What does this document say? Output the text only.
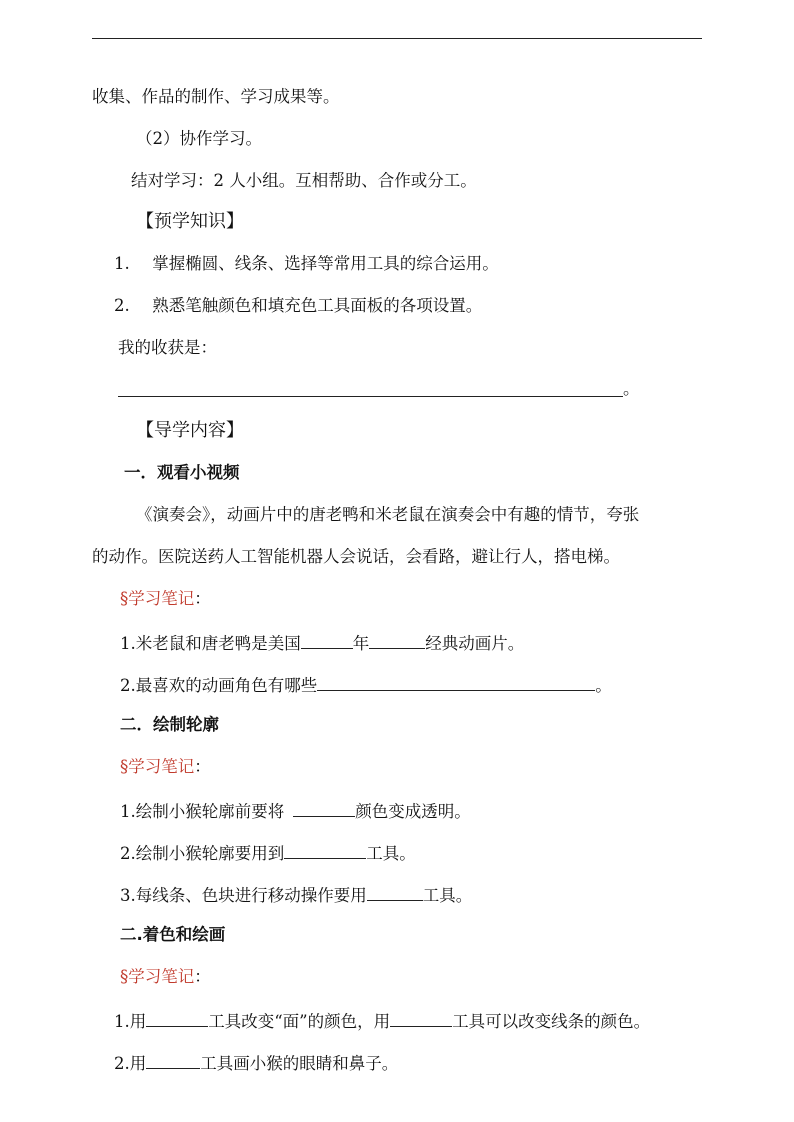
收集、作品的制作、学习成果等。
（2）协作学习。
结对学习：2 人小组。互相帮助、合作或分工。
【预学知识】
1. 掌握椭圆、线条、选择等常用工具的综合运用。
2. 熟悉笔触颜色和填充色工具面板的各项设置。
我的收获是：
。
【导学内容】
一．观看小视频
《演奏会》，动画片中的唐老鸭和米老鼠在演奏会中有趣的情节，夸张
的动作。医院送药人工智能机器人会说话，会看路，避让行人，搭电梯。
§学习笔记：
1.米老鼠和唐老鸭是美国	年	经典动画片。
2.最喜欢的动画角色有哪些	。
二．绘制轮廓
§学习笔记：
1.绘制小猴轮廓前要将	颜色变成透明。
2.绘制小猴轮廓要用到	工具。
3.每线条、色块进行移动操作要用	工具。
二.着色和绘画
§学习笔记：
1.用	工具改变“面”的颜色，用	工具可以改变线条的颜色。
2.用	工具画小猴的眼睛和鼻子。
